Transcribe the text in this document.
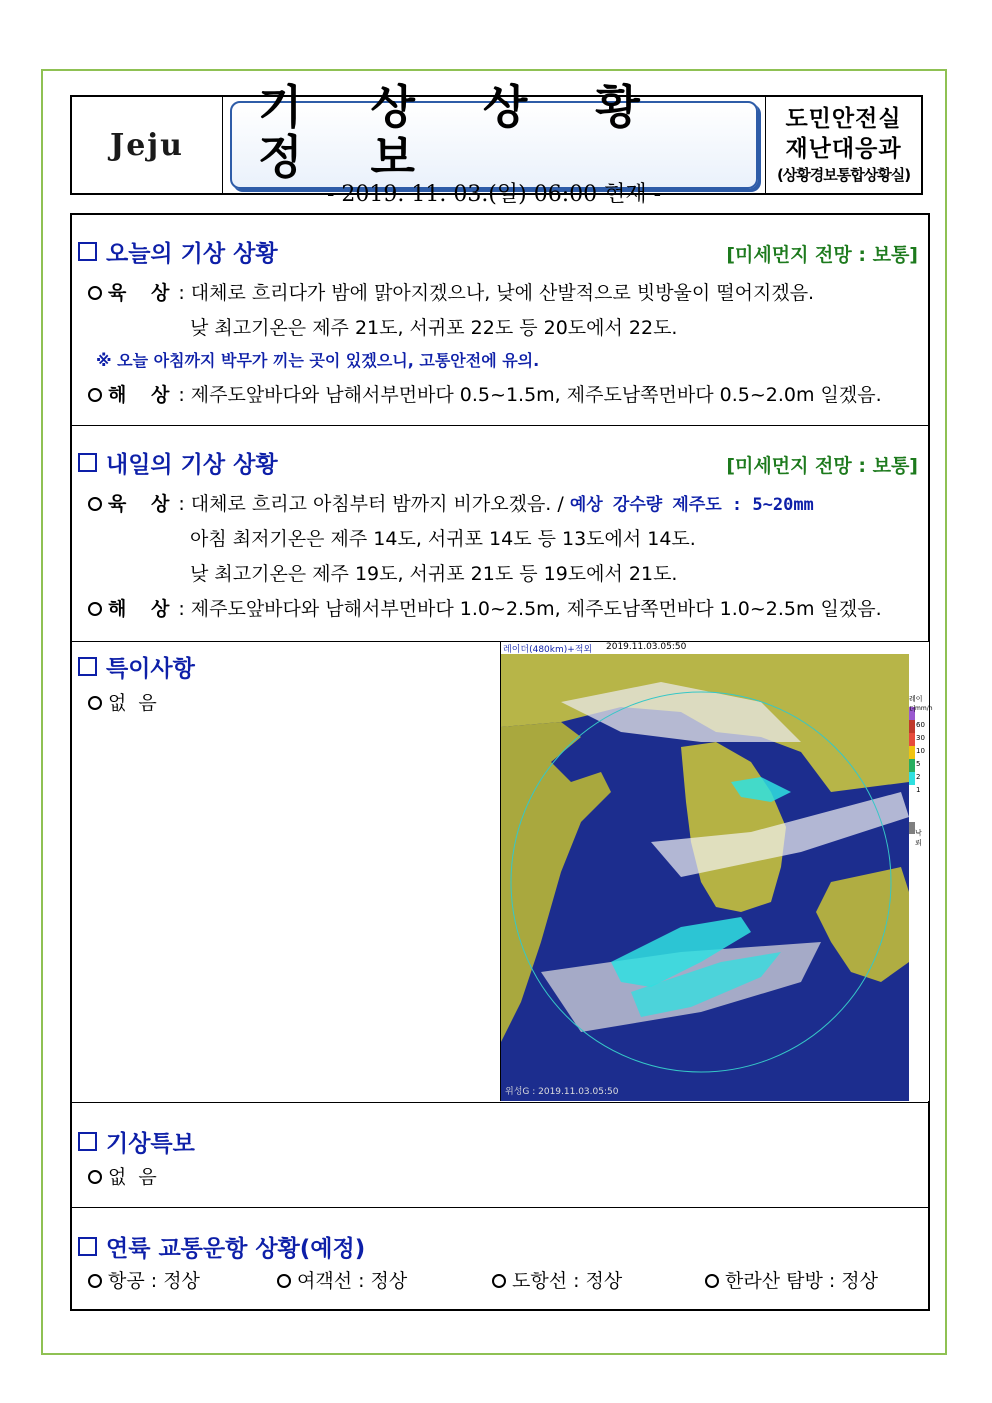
Jeju
기 상 상 황 정 보
- 2019. 11. 03.(일) 06:00 현재 -
도민안전실
재난대응과
(상황경보통합상황실)
오늘의 기상 상황	[미세먼지 전망 : 보통]
육 상: 대체로 흐리다가 밤에 맑아지겠으나, 낮에 산발적으로 빗방울이 떨어지겠음.
낮 최고기온은 제주 21도, 서귀포 22도 등 20도에서 22도.
※ 오늘 아침까지 박무가 끼는 곳이 있겠으니, 고통안전에 유의.
해 상: 제주도앞바다와 남해서부먼바다 0.5~1.5m, 제주도남쪽먼바다 0.5~2.0m 일겠음.
내일의 기상 상황	[미세먼지 전망 : 보통]
육 상: 대체로 흐리고 아침부터 밤까지 비가오겠음. / 예상 강수량 제주도 : 5~20mm
아침 최저기온은 제주 14도, 서귀포 14도 등 13도에서 14도.
낮 최고기온은 제주 19도, 서귀포 21도 등 19도에서 21도.
해 상: 제주도앞바다와 남해서부먼바다 1.0~2.5m, 제주도남쪽먼바다 1.0~2.5m 일겠음.
특이사항
없  음
레이더(480km)+적외 2019.11.03.05:50
위성G : 2019.11.03.05:50
레이더 mm/h
60
30
10
5
2
1
낙뢰
기상특보
없  음
연륙 교통운항 상황(예정)
항공 : 정상	여객선 : 정상	도항선 : 정상	한라산 탐방 : 정상
